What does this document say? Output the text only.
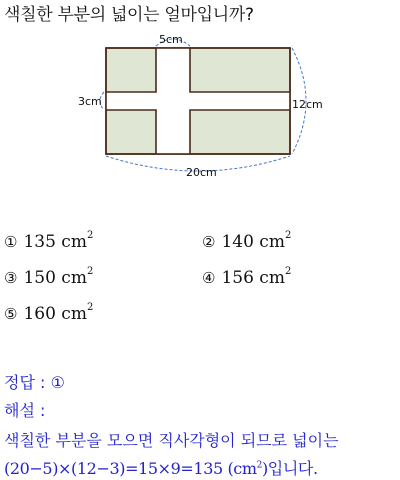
색칠한 부분의 넓이는 얼마입니까?
5cm
3cm	12cm
20cm
① 135 $cm^2$	② 140 $cm^2$
③ 150 $cm^2$	④ 156 $cm^2$
⑤ 160 $cm^2$
정답 : ①
해설 :
색칠한 부분을 모으면 직사각형이 되므로 넓이는
(20−5)×(12−3)=15×9=135 $(cm^2)$입니다.
